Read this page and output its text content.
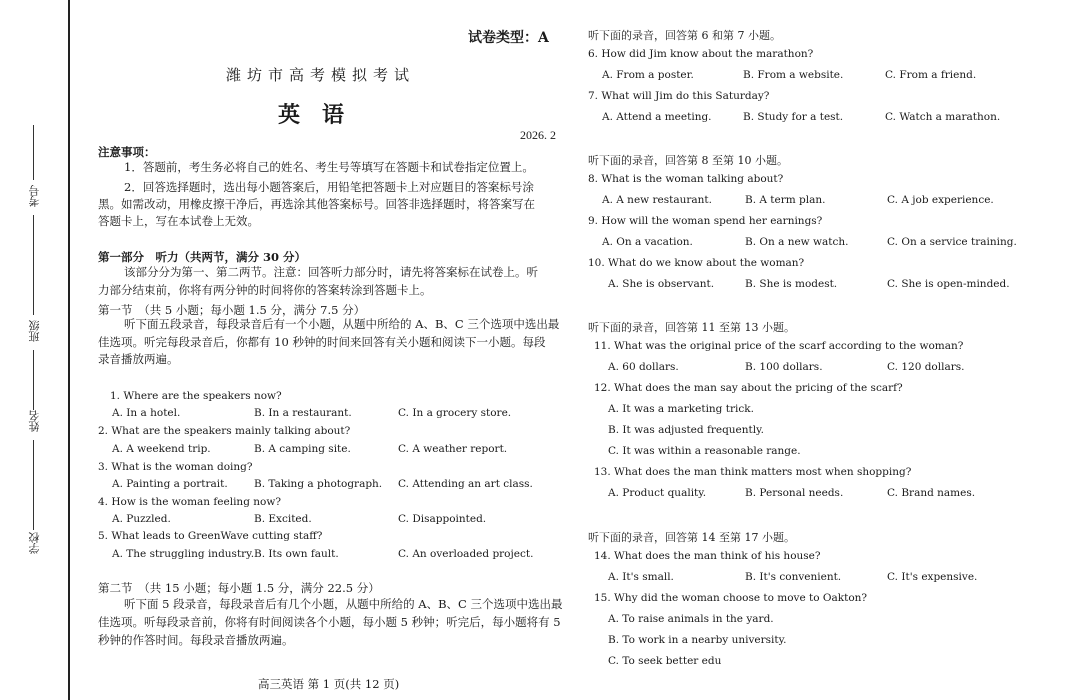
考号
班级
姓名
学校
试卷类型：A
潍坊市高考模拟考试
英　语
2026. 2
注意事项：
1．答题前，考生务必将自己的姓名、考生号等填写在答题卡和试卷指定位置上。
2．回答选择题时，选出每小题答案后，用铅笔把答题卡上对应题目的答案标号涂
黑。如需改动，用橡皮擦干净后，再选涂其他答案标号。回答非选择题时，将答案写在
答题卡上，写在本试卷上无效。
第一部分　听力（共两节，满分 30 分）
该部分分为第一、第二两节。注意：回答听力部分时，请先将答案标在试卷上。听
力部分结束前，你将有两分钟的时间将你的答案转涂到答题卡上。
第一节　（共 5 小题；每小题 1.5 分，满分 7.5 分）
听下面五段录音，每段录音后有一个小题，从题中所给的 A、B、C 三个选项中选出最
佳选项。听完每段录音后，你都有 10 秒钟的时间来回答有关小题和阅读下一小题。每段
录音播放两遍。
1. Where are the speakers now?
A. In a hotel.	B. In a restaurant.	C. In a grocery store.
2. What are the speakers mainly talking about?
A. A weekend trip.	B. A camping site.	C. A weather report.
3. What is the woman doing?
A. Painting a portrait.	B. Taking a photograph. C. Attending an art class.
4. How is the woman feeling now?
A. Puzzled.	B. Excited.	C. Disappointed.
5. What leads to GreenWave cutting staff?
A. The struggling industry. B. Its own fault.	C. An overloaded project.
第二节　（共 15 小题；每小题 1.5 分，满分 22.5 分）
听下面 5 段录音，每段录音后有几个小题，从题中所给的 A、B、C 三个选项中选出最
佳选项。听每段录音前，你将有时间阅读各个小题，每小题 5 秒钟；听完后，每小题将有 5
秒钟的作答时间。每段录音播放两遍。
高三英语 第 1 页(共 12 页)
听下面的录音，回答第 6 和第 7 小题。
6. How did Jim know about the marathon?
A. From a poster.	B. From a website.	C. From a friend.
7. What will Jim do this Saturday?
A. Attend a meeting.	B. Study for a test.	C. Watch a marathon.
听下面的录音，回答第 8 至第 10 小题。
8. What is the woman talking about?
A. A new restaurant.	B. A term plan.	C. A job experience.
9. How will the woman spend her earnings?
A. On a vacation.	B. On a new watch.	C. On a service training.
10. What do we know about the woman?
A. She is observant.	B. She is modest.	C. She is open-minded.
听下面的录音，回答第 11 至第 13 小题。
11. What was the original price of the scarf according to the woman?
A. 60 dollars.	B. 100 dollars.	C. 120 dollars.
12. What does the man say about the pricing of the scarf?
A. It was a marketing trick.
B. It was adjusted frequently.
C. It was within a reasonable range.
13. What does the man think matters most when shopping?
A. Product quality.	B. Personal needs.	C. Brand names.
听下面的录音，回答第 14 至第 17 小题。
14. What does the man think of his house?
A. It's small.	B. It's convenient.	C. It's expensive.
15. Why did the woman choose to move to Oakton?
A. To raise animals in the yard.
B. To work in a nearby university.
C. To seek better edu
